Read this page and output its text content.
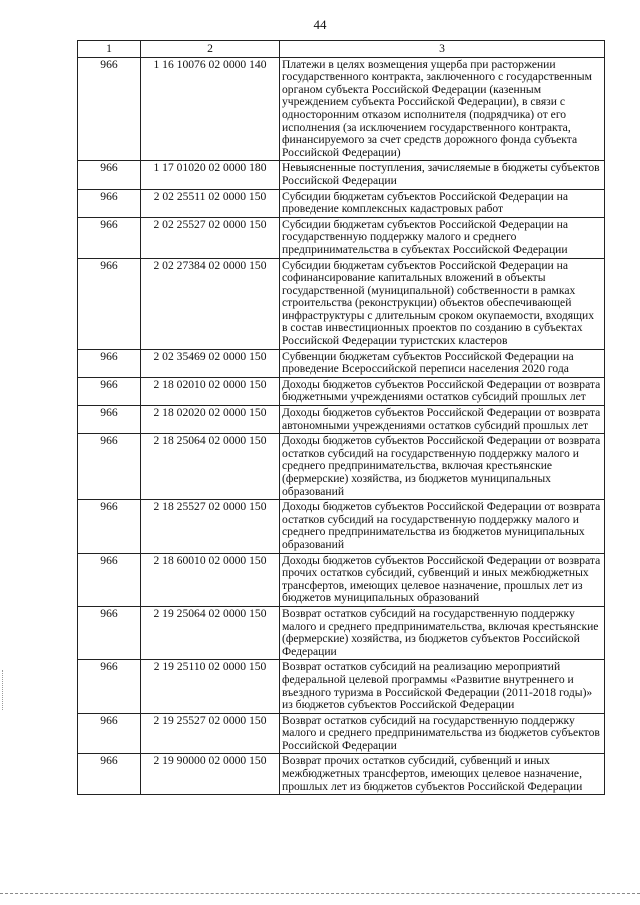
44
1	2	3
966	1 16 10076 02 0000 140	Платежи в целях возмещения ущерба при расторжении государственного контракта, заключенного с государственным органом субъекта Российской Федерации (казенным учреждением субъекта Российской Федерации), в связи с односторонним отказом исполнителя (подрядчика) от его исполнения (за исключением государственного контракта, финансируемого за счет средств дорожного фонда субъекта Российской Федерации)
966	1 17 01020 02 0000 180	Невыясненные поступления, зачисляемые в бюджеты субъектов Российской Федерации
966	2 02 25511 02 0000 150	Субсидии бюджетам субъектов Российской Федерации на проведение комплексных кадастровых работ
966	2 02 25527 02 0000 150	Субсидии бюджетам субъектов Российской Федерации на государственную поддержку малого и среднего предпринимательства в субъектах Российской Федерации
966	2 02 27384 02 0000 150	Субсидии бюджетам субъектов Российской Федерации на софинансирование капитальных вложений в объекты государственной (муниципальной) собственности в рамках строительства (реконструкции) объектов обеспечивающей инфраструктуры с длительным сроком окупаемости, входящих в состав инвестиционных проектов по созданию в субъектах Российской Федерации туристских кластеров
966	2 02 35469 02 0000 150	Субвенции бюджетам субъектов Российской Федерации на проведение Всероссийской переписи населения 2020 года
966	2 18 02010 02 0000 150	Доходы бюджетов субъектов Российской Федерации от возврата бюджетными учреждениями остатков субсидий прошлых лет
966	2 18 02020 02 0000 150	Доходы бюджетов субъектов Российской Федерации от возврата автономными учреждениями остатков субсидий прошлых лет
966	2 18 25064 02 0000 150	Доходы бюджетов субъектов Российской Федерации от возврата остатков субсидий на государственную поддержку малого и среднего предпринимательства, включая крестьянские (фермерские) хозяйства, из бюджетов муниципальных образований
966	2 18 25527 02 0000 150	Доходы бюджетов субъектов Российской Федерации от возврата остатков субсидий на государственную поддержку малого и среднего предпринимательства из бюджетов муниципальных образований
966	2 18 60010 02 0000 150	Доходы бюджетов субъектов Российской Федерации от возврата прочих остатков субсидий, субвенций и иных межбюджетных трансфертов, имеющих целевое назначение, прошлых лет из бюджетов муниципальных образований
966	2 19 25064 02 0000 150	Возврат остатков субсидий на государственную поддержку малого и среднего предпринимательства, включая крестьянские (фермерские) хозяйства, из бюджетов субъектов Российской Федерации
966	2 19 25110 02 0000 150	Возврат остатков субсидий на реализацию мероприятий федеральной целевой программы «Развитие внутреннего и въездного туризма в Российской Федерации (2011-2018 годы)» из бюджетов субъектов Российской Федерации
966	2 19 25527 02 0000 150	Возврат остатков субсидий на государственную поддержку малого и среднего предпринимательства из бюджетов субъектов Российской Федерации
966	2 19 90000 02 0000 150	Возврат прочих остатков субсидий, субвенций и иных межбюджетных трансфертов, имеющих целевое назначение, прошлых лет из бюджетов субъектов Российской Федерации
